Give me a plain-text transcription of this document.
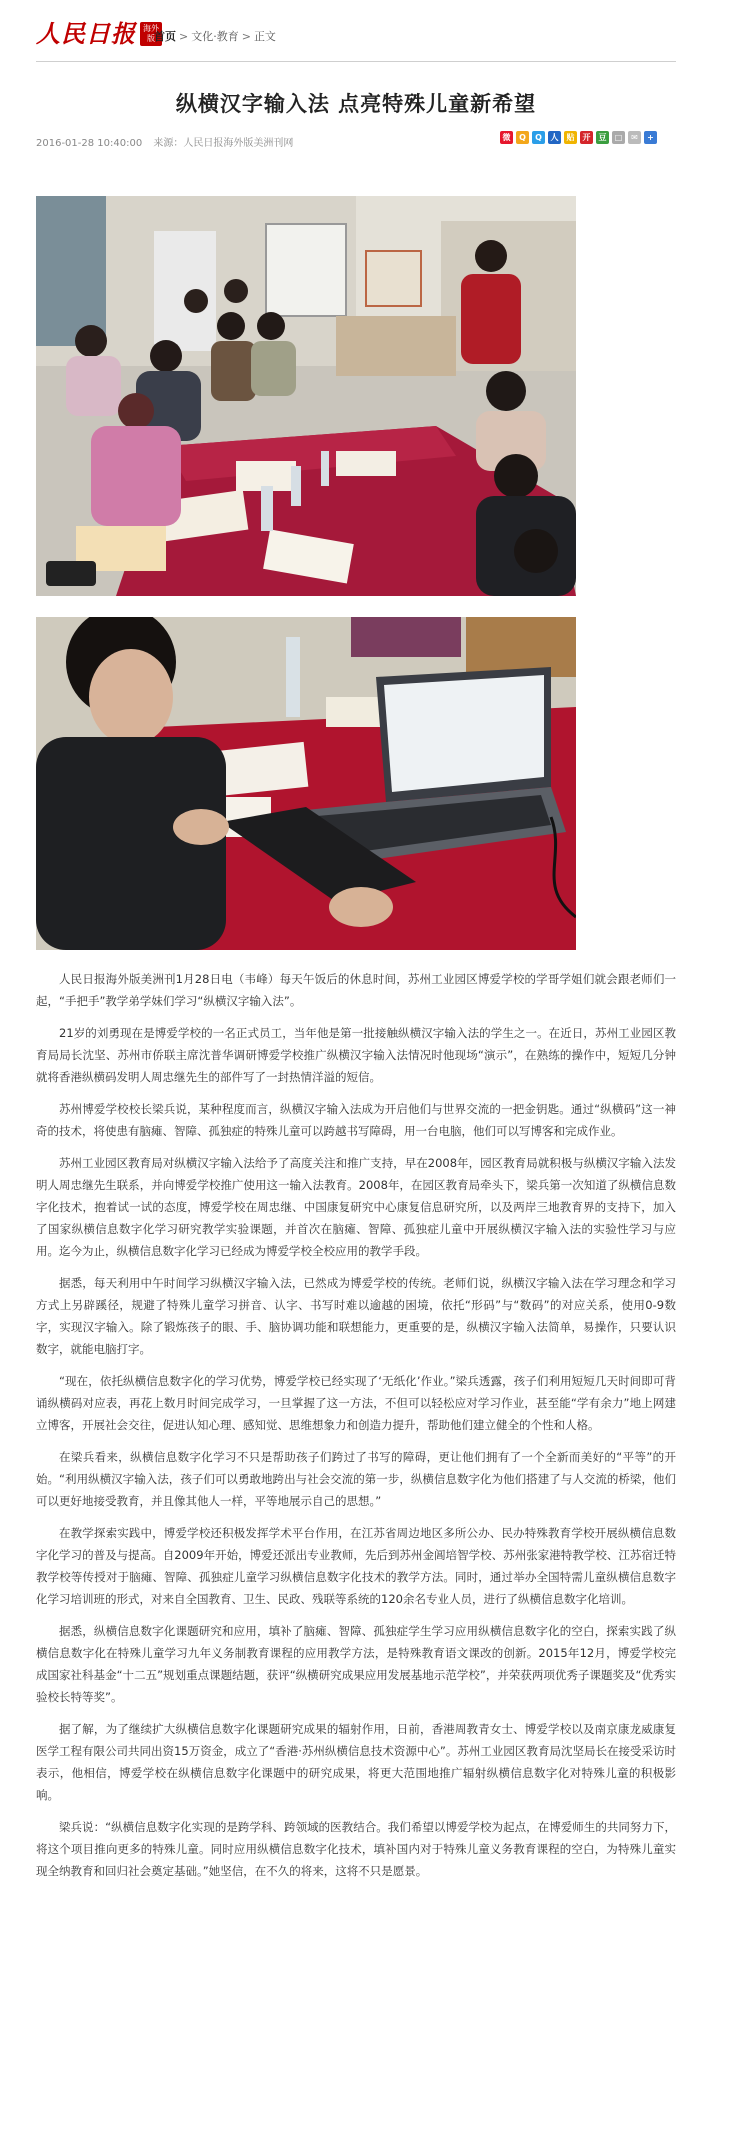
人民日报 海外版 首页 > 文化·教育 > 正文
纵横汉字输入法 点亮特殊儿童新希望
2016-01-28 10:40:00 来源：人民日报海外版美洲刊网
微	Q	Q	人	贴	开	豆	□	✉	+

人民日报海外版美洲刊1月28日电（韦峰）每天午饭后的休息时间，苏州工业园区博爱学校的学哥学姐们就会跟老师们一起，“手把手”教学弟学妹们学习“纵横汉字输入法”。

21岁的刘勇现在是博爱学校的一名正式员工，当年他是第一批接触纵横汉字输入法的学生之一。在近日，苏州工业园区教育局局长沈坚、苏州市侨联主席沈普华调研博爱学校推广纵横汉字输入法情况时他现场“演示”，在熟练的操作中，短短几分钟就将香港纵横码发明人周忠继先生的部件写了一封热情洋溢的短信。

苏州博爱学校校长梁兵说，某种程度而言，纵横汉字输入法成为开启他们与世界交流的一把金钥匙。通过“纵横码”这一神奇的技术，将使患有脑瘫、智障、孤独症的特殊儿童可以跨越书写障碍，用一台电脑，他们可以写博客和完成作业。

苏州工业园区教育局对纵横汉字输入法给予了高度关注和推广支持，早在2008年，园区教育局就积极与纵横汉字输入法发明人周忠继先生联系，并向博爱学校推广使用这一输入法教育。2008年，在园区教育局牵头下，梁兵第一次知道了纵横信息数字化技术，抱着试一试的态度，博爱学校在周忠继、中国康复研究中心康复信息研究所，以及两岸三地教育界的支持下，加入了国家纵横信息数字化学习研究教学实验课题，并首次在脑瘫、智障、孤独症儿童中开展纵横汉字输入法的实验性学习与应用。迄今为止，纵横信息数字化学习已经成为博爱学校全校应用的教学手段。

据悉，每天利用中午时间学习纵横汉字输入法，已然成为博爱学校的传统。老师们说，纵横汉字输入法在学习理念和学习方式上另辟蹊径，规避了特殊儿童学习拼音、认字、书写时难以逾越的困境，依托“形码”与“数码”的对应关系，使用0-9数字，实现汉字输入。除了锻炼孩子的眼、手、脑协调功能和联想能力，更重要的是，纵横汉字输入法简单，易操作，只要认识数字，就能电脑打字。

“现在，依托纵横信息数字化的学习优势，博爱学校已经实现了‘无纸化’作业。”梁兵透露，孩子们利用短短几天时间即可背诵纵横码对应表，再花上数月时间完成学习，一旦掌握了这一方法，不但可以轻松应对学习作业，甚至能“学有余力”地上网建立博客，开展社会交往，促进认知心理、感知觉、思维想象力和创造力提升，帮助他们建立健全的个性和人格。

在梁兵看来，纵横信息数字化学习不只是帮助孩子们跨过了书写的障碍，更让他们拥有了一个全新而美好的“平等”的开始。“利用纵横汉字输入法，孩子们可以勇敢地跨出与社会交流的第一步，纵横信息数字化为他们搭建了与人交流的桥梁，他们可以更好地接受教育，并且像其他人一样，平等地展示自己的思想。”

在教学探索实践中，博爱学校还积极发挥学术平台作用，在江苏省周边地区多所公办、民办特殊教育学校开展纵横信息数字化学习的普及与提高。自2009年开始，博爱还派出专业教师，先后到苏州金阊培智学校、苏州张家港特教学校、江苏宿迁特教学校等传授对于脑瘫、智障、孤独症儿童学习纵横信息数字化技术的教学方法。同时，通过举办全国特需儿童纵横信息数字化学习培训班的形式，对来自全国教育、卫生、民政、残联等系统的120余名专业人员，进行了纵横信息数字化培训。

据悉，纵横信息数字化课题研究和应用，填补了脑瘫、智障、孤独症学生学习应用纵横信息数字化的空白，探索实践了纵横信息数字化在特殊儿童学习九年义务制教育课程的应用教学方法，是特殊教育语文课改的创新。2015年12月，博爱学校完成国家社科基金“十二五”规划重点课题结题，获评“纵横研究成果应用发展基地示范学校”，并荣获两项优秀子课题奖及“优秀实验校长特等奖”。

据了解，为了继续扩大纵横信息数字化课题研究成果的辐射作用，日前，香港周教青女士、博爱学校以及南京康龙威康复医学工程有限公司共同出资15万资金，成立了“香港·苏州纵横信息技术资源中心”。苏州工业园区教育局沈坚局长在接受采访时表示，他相信，博爱学校在纵横信息数字化课题中的研究成果，将更大范围地推广辐射纵横信息数字化对特殊儿童的积极影响。

梁兵说：“纵横信息数字化实现的是跨学科、跨领域的医教结合。我们希望以博爱学校为起点，在博爱师生的共同努力下，将这个项目推向更多的特殊儿童。同时应用纵横信息数字化技术，填补国内对于特殊儿童义务教育课程的空白，为特殊儿童实现全纳教育和回归社会奠定基础。”她坚信，在不久的将来，这将不只是愿景。
